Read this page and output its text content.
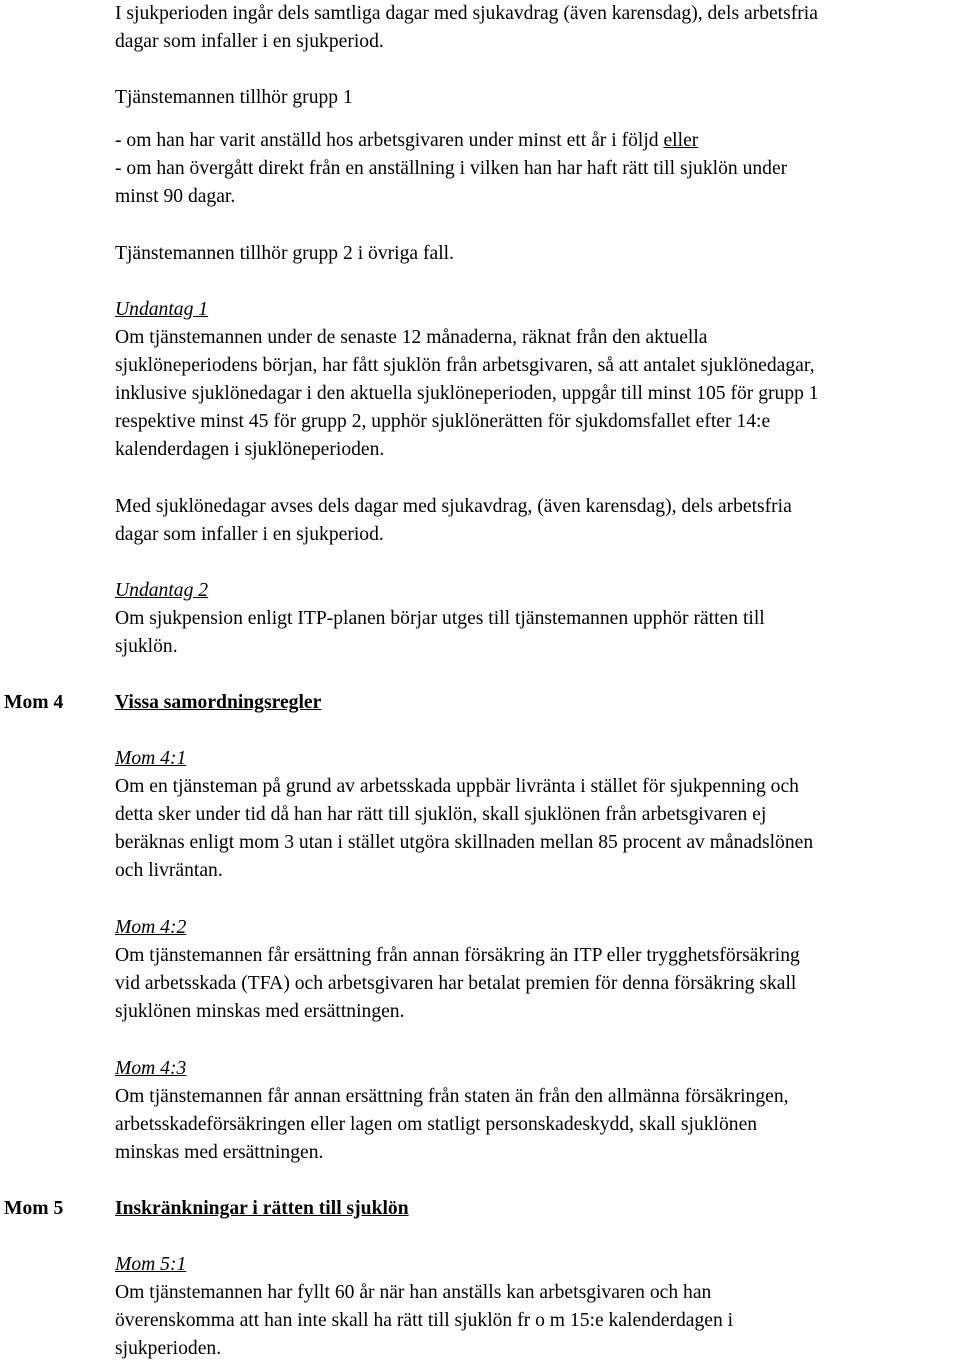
I sjukperioden ingår dels samtliga dagar med sjukavdrag (även karensdag), dels arbetsfria
dagar som infaller i en sjukperiod.

Tjänstemannen tillhör grupp 1

- om han har varit anställd hos arbetsgivaren under minst ett år i följd eller
- om han övergått direkt från en anställning i vilken han har haft rätt till sjuklön under
minst 90 dagar.

Tjänstemannen tillhör grupp 2 i övriga fall.

Undantag 1
Om tjänstemannen under de senaste 12 månaderna, räknat från den aktuella
sjuklöneperiodens början, har fått sjuklön från arbetsgivaren, så att antalet sjuklönedagar,
inklusive sjuklönedagar i den aktuella sjuklöneperioden, uppgår till minst 105 för grupp 1
respektive minst 45 för grupp 2, upphör sjuklönerätten för sjukdomsfallet efter 14:e
kalenderdagen i sjuklöneperioden.

Med sjuklönedagar avses dels dagar med sjukavdrag, (även karensdag), dels arbetsfria
dagar som infaller i en sjukperiod.

Undantag 2
Om sjukpension enligt ITP-planen börjar utges till tjänstemannen upphör rätten till
sjuklön.

Mom 4	Vissa samordningsregler

Mom 4:1
Om en tjänsteman på grund av arbetsskada uppbär livränta i stället för sjukpenning och
detta sker under tid då han har rätt till sjuklön, skall sjuklönen från arbetsgivaren ej
beräknas enligt mom 3 utan i stället utgöra skillnaden mellan 85 procent av månadslönen
och livräntan.
Mom 4:2
Om tjänstemannen får ersättning från annan försäkring än ITP eller trygghetsförsäkring
vid arbetsskada (TFA) och arbetsgivaren har betalat premien för denna försäkring skall
sjuklönen minskas med ersättningen.
Mom 4:3
Om tjänstemannen får annan ersättning från staten än från den allmänna försäkringen,
arbetsskadeförsäkringen eller lagen om statligt personskadeskydd, skall sjuklönen
minskas med ersättningen.

Mom 5	Inskränkningar i rätten till sjuklön

Mom 5:1
Om tjänstemannen har fyllt 60 år när han anställs kan arbetsgivaren och han
överenskomma att han inte skall ha rätt till sjuklön fr o m 15:e kalenderdagen i
sjukperioden.
